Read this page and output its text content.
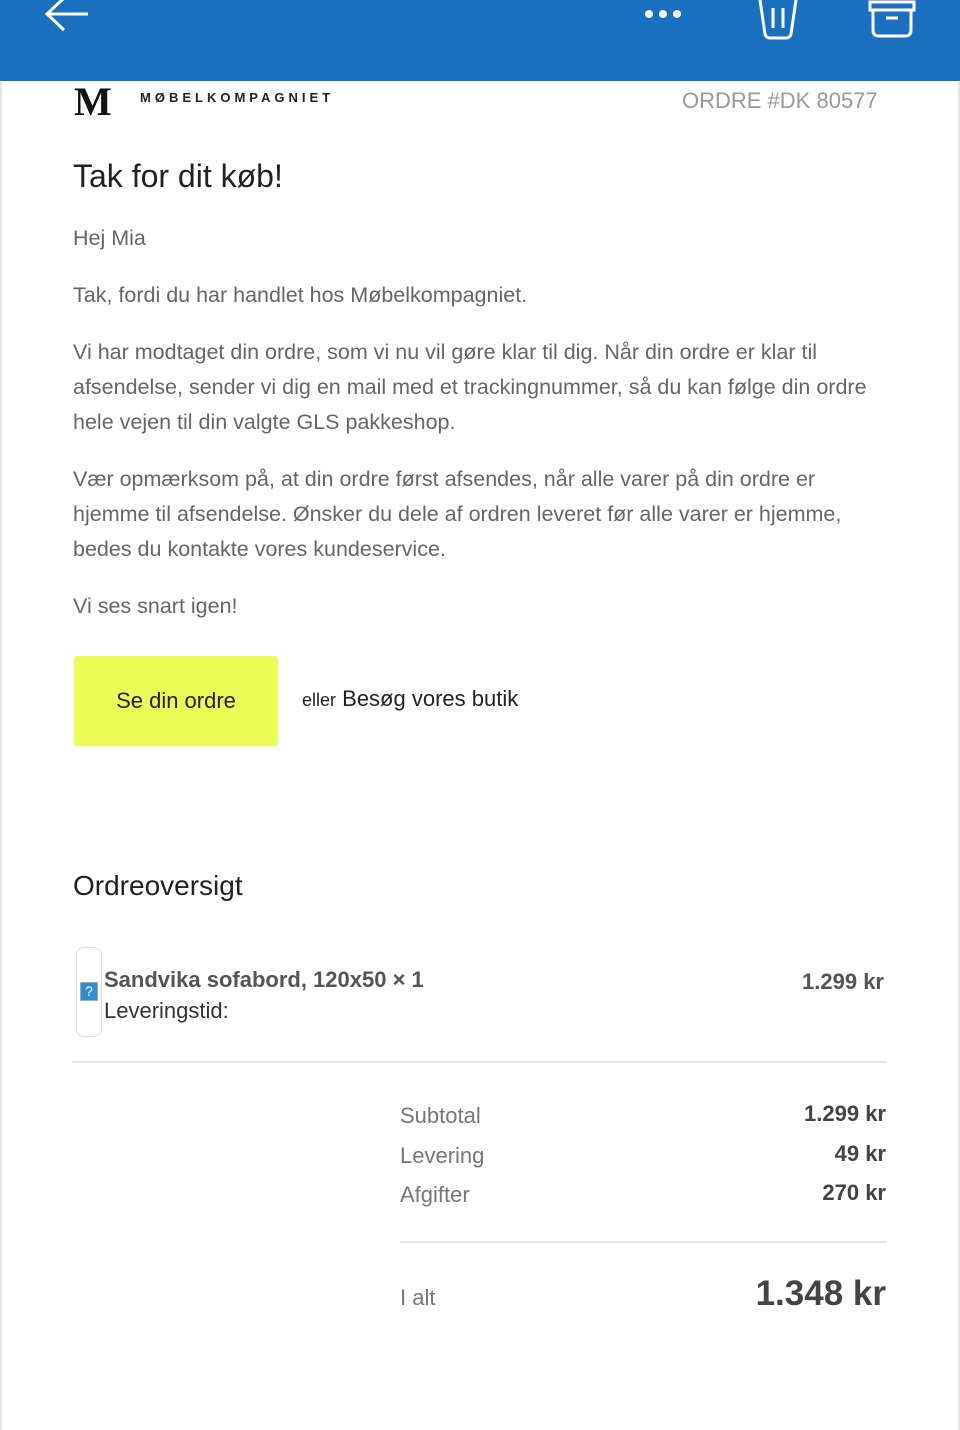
M MØBELKOMPAGNIET	ORDRE #DK 80577
Tak for dit køb!
Hej Mia
Tak, fordi du har handlet hos Møbelkompagniet.
Vi har modtaget din ordre, som vi nu vil gøre klar til dig. Når din ordre er klar til afsendelse, sender vi dig en mail med et trackingnummer, så du kan følge din ordre hele vejen til din valgte GLS pakkeshop.
Vær opmærksom på, at din ordre først afsendes, når alle varer på din ordre er hjemme til afsendelse. Ønsker du dele af ordren leveret før alle varer er hjemme, bedes du kontakte vores kundeservice.
Vi ses snart igen!
Se din ordre	eller Besøg vores butik
Ordreoversigt
? Sandvika sofabord, 120x50 × 1
Leveringstid:
1.299 kr
Subtotal	1.299 kr
Levering	49 kr
Afgifter	270 kr
I alt	1.348 kr
